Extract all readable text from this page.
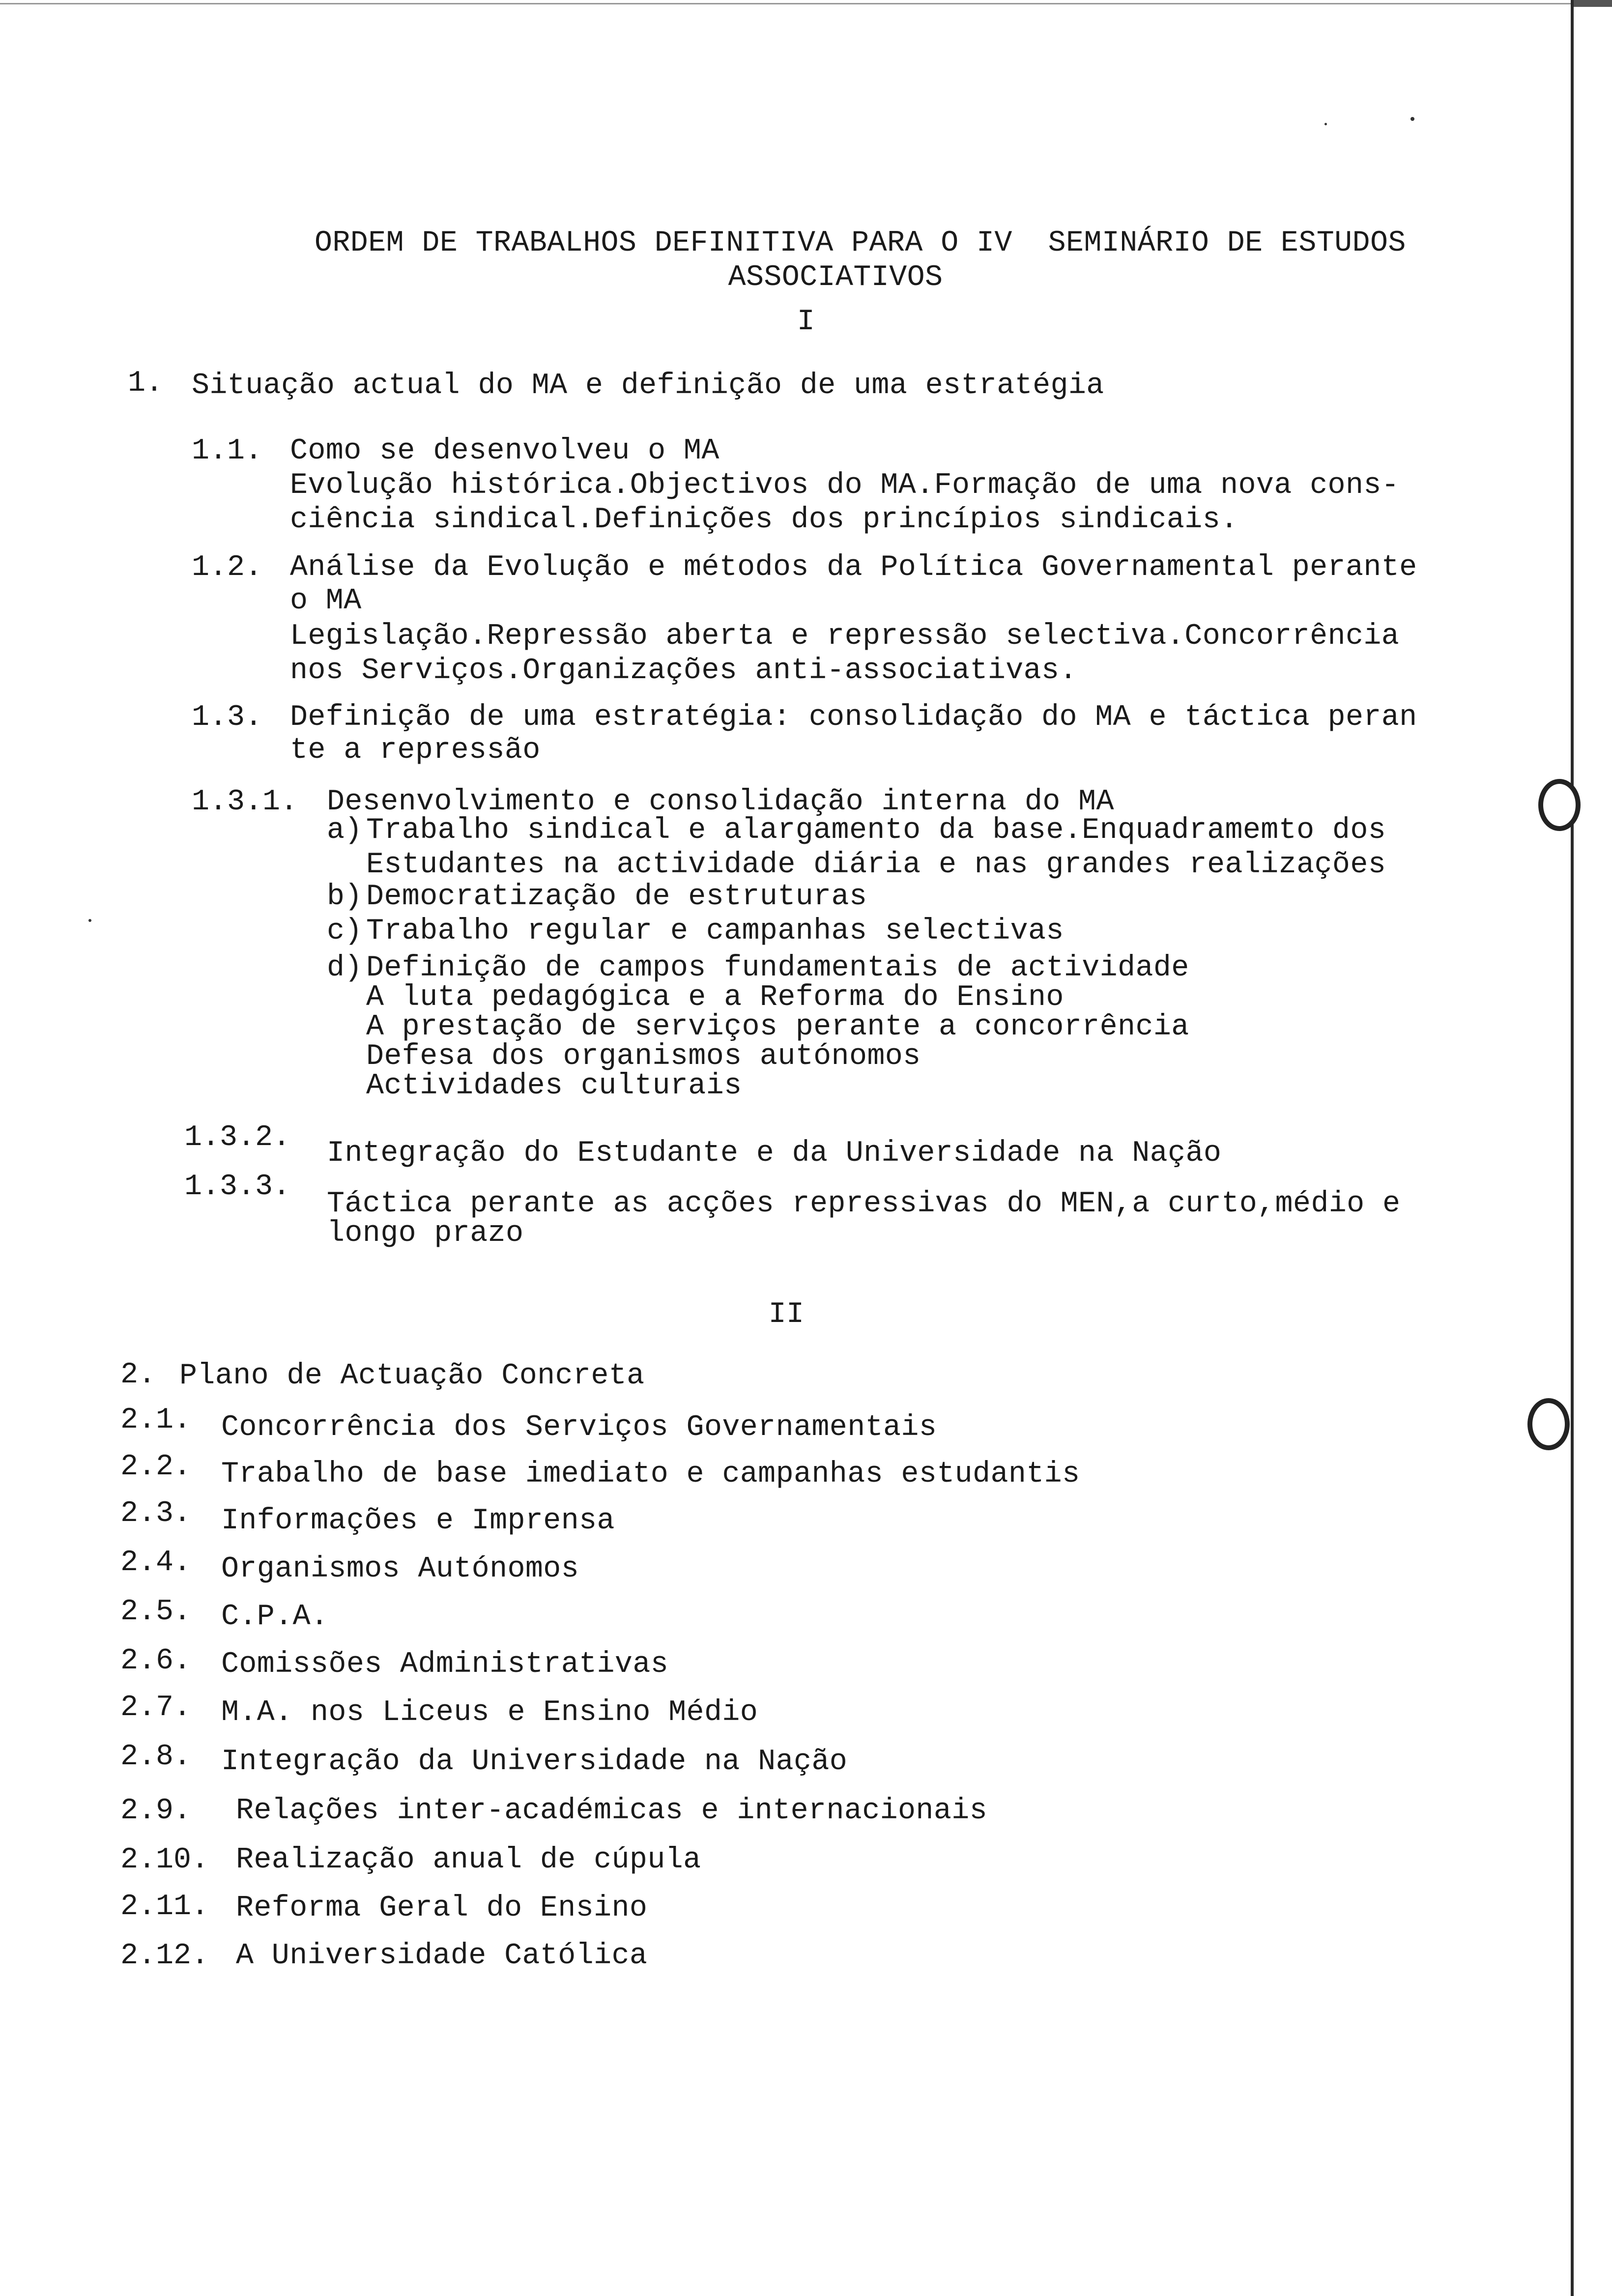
ORDEM DE TRABALHOS DEFINITIVA PARA O IV  SEMINÁRIO DE ESTUDOS
ASSOCIATIVOS
I
1. Situação actual do MA e definição de uma estratégia
1.1. Como se desenvolveu o MA
Evolução histórica.Objectivos do MA.Formação de uma nova cons-
ciência sindical.Definições dos princípios sindicais.
1.2. Análise da Evolução e métodos da Política Governamental perante
o MA
Legislação.Repressão aberta e repressão selectiva.Concorrência
nos Serviços.Organizações anti-associativas.
1.3. Definição de uma estratégia: consolidação do MA e táctica peran
te a repressão
1.3.1. Desenvolvimento e consolidação interna do MA
a) Trabalho sindical e alargamento da base.Enquadramemto dos
Estudantes na actividade diária e nas grandes realizações
b) Democratização de estruturas
c) Trabalho regular e campanhas selectivas
d) Definição de campos fundamentais de actividade
A luta pedagógica e a Reforma do Ensino
A prestação de serviços perante a concorrência
Defesa dos organismos autónomos
Actividades culturais
1.3.2. Integração do Estudante e da Universidade na Nação
1.3.3.
Táctica perante as acções repressivas do MEN,a curto,médio e
longo prazo
II
2. Plano de Actuação Concreta
2.1. Concorrência dos Serviços Governamentais
2.2. Trabalho de base imediato e campanhas estudantis
2.3. Informações e Imprensa
2.4. Organismos Autónomos
2.5. C.P.A.
2.6. Comissões Administrativas
2.7. M.A. nos Liceus e Ensino Médio
2.8. Integração da Universidade na Nação
2.9. Relações inter-académicas e internacionais
2.10. Realização anual de cúpula
2.11. Reforma Geral do Ensino
2.12. A Universidade Católica
